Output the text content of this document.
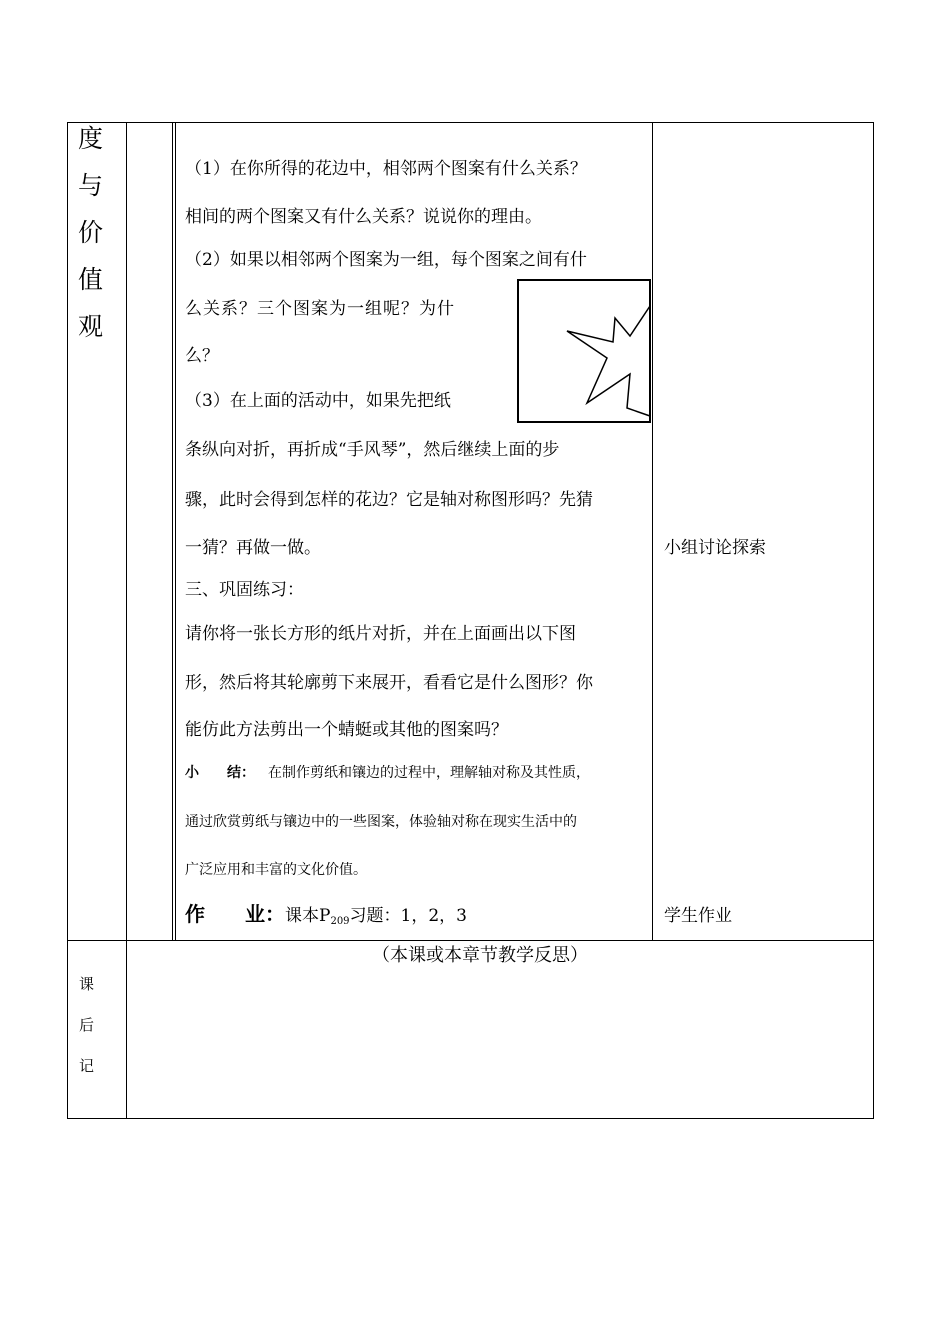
度
与
价
值
观
（1）在你所得的花边中，相邻两个图案有什么关系？
相间的两个图案又有什么关系？说说你的理由。
（2）如果以相邻两个图案为一组，每个图案之间有什
么关系？三个图案为一组呢？为什
么？
（3）在上面的活动中，如果先把纸
条纵向对折，再折成“手风琴”，然后继续上面的步
骤，此时会得到怎样的花边？它是轴对称图形吗？先猜
一猜？再做一做。
三、巩固练习：
请你将一张长方形的纸片对折，并在上面画出以下图
形，然后将其轮廓剪下来展开，看看它是什么图形？你
能仿此方法剪出一个蜻蜓或其他的图案吗？
小　　结： 在制作剪纸和镶边的过程中，理解轴对称及其性质，
通过欣赏剪纸与镶边中的一些图案，体验轴对称在现实生活中的
广泛应用和丰富的文化价值。
作　　业：课本P209习题：1，2，3
小组讨论探索
学生作业
课
后
记
（本课或本章节教学反思）
